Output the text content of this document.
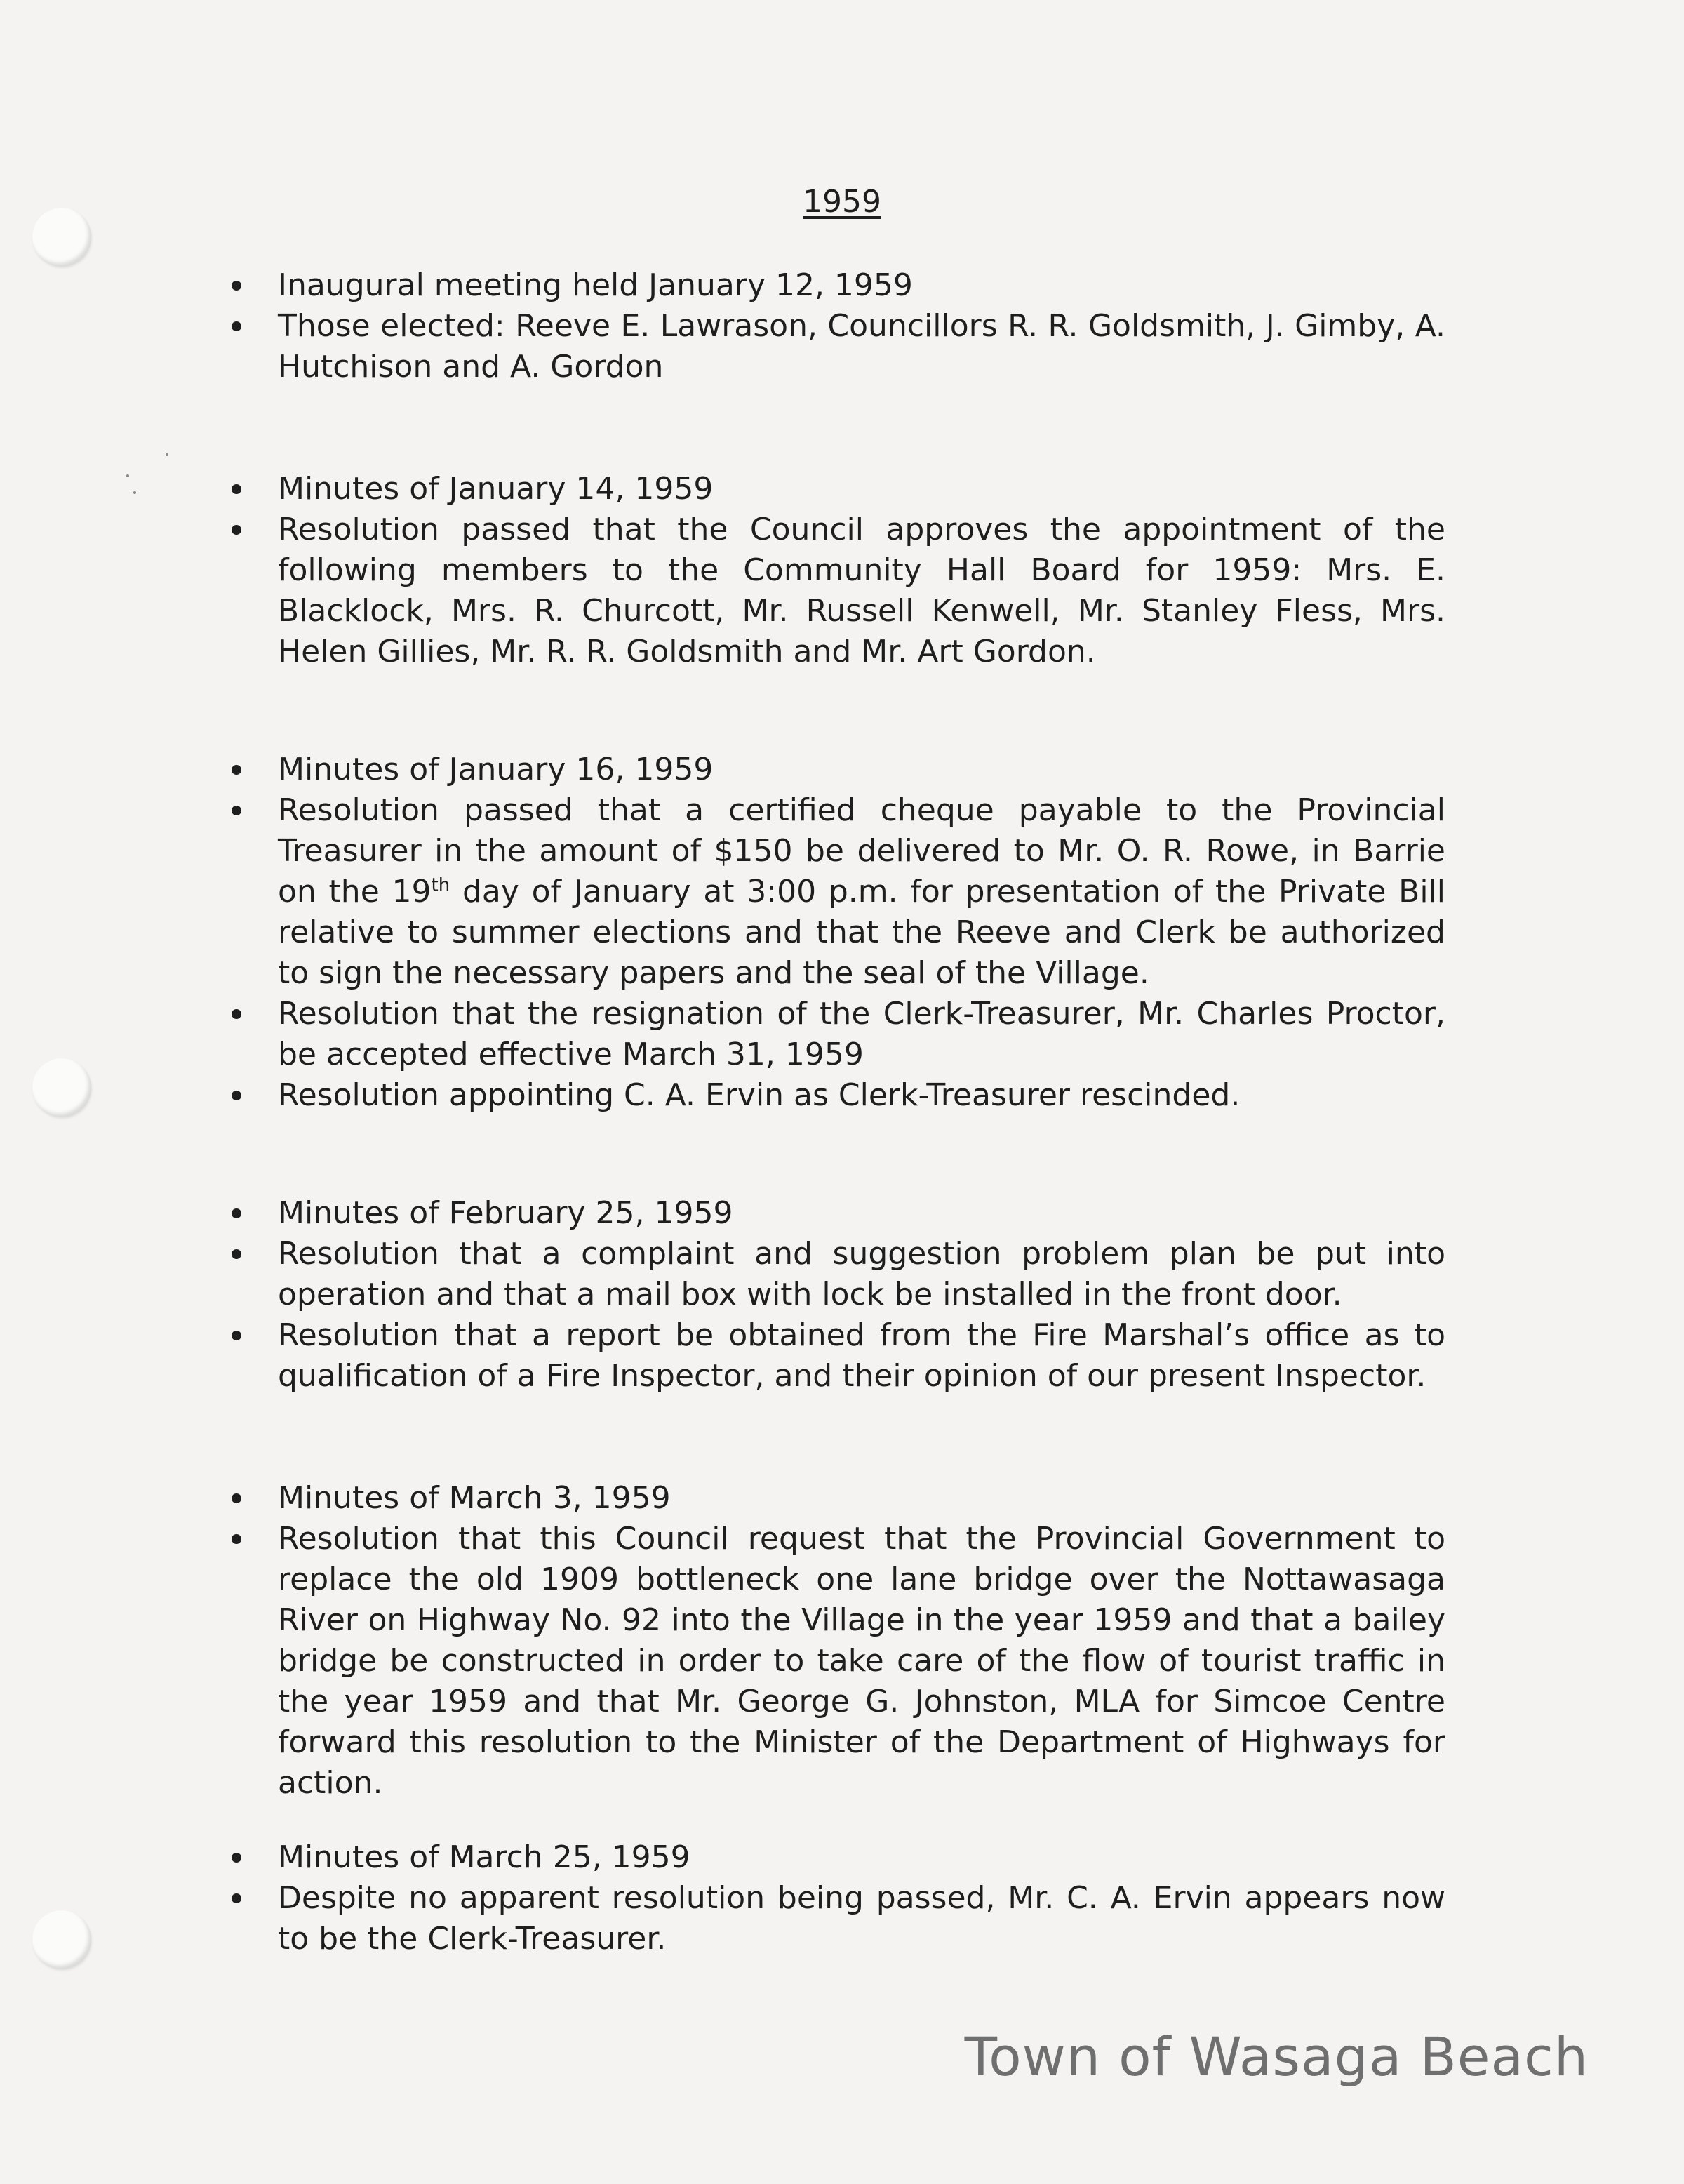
1959
Inaugural meeting held January 12, 1959
Those elected: Reeve E. Lawrason, Councillors R. R. Goldsmith, J. Gimby, A. Hutchison and A. Gordon
Minutes of January 14, 1959
Resolution passed that the Council approves the appointment of the following members to the Community Hall Board for 1959: Mrs. E. Blacklock, Mrs. R. Churcott, Mr. Russell Kenwell, Mr. Stanley Fless, Mrs. Helen Gillies, Mr. R. R. Goldsmith and Mr. Art Gordon.
Minutes of January 16, 1959
Resolution passed that a certified cheque payable to the Provincial Treasurer in the amount of $150 be delivered to Mr. O. R. Rowe, in Barrie on the 19th day of January at 3:00 p.m. for presentation of the Private Bill relative to summer elections and that the Reeve and Clerk be authorized to sign the necessary papers and the seal of the Village.
Resolution that the resignation of the Clerk-Treasurer, Mr. Charles Proctor, be accepted effective March 31, 1959
Resolution appointing C. A. Ervin as Clerk-Treasurer rescinded.
Minutes of February 25, 1959
Resolution that a complaint and suggestion problem plan be put into operation and that a mail box with lock be installed in the front door.
Resolution that a report be obtained from the Fire Marshal’s office as to qualification of a Fire Inspector, and their opinion of our present Inspector.
Minutes of March 3, 1959
Resolution that this Council request that the Provincial Government to replace the old 1909 bottleneck one lane bridge over the Nottawasaga River on Highway No. 92 into the Village in the year 1959 and that a bailey bridge be constructed in order to take care of the flow of tourist traffic in the year 1959 and that Mr. George G. Johnston, MLA for Simcoe Centre forward this resolution to the Minister of the Department of Highways for action.
Minutes of March 25, 1959
Despite no apparent resolution being passed, Mr. C. A. Ervin appears now to be the Clerk-Treasurer.
Town of Wasaga Beach
